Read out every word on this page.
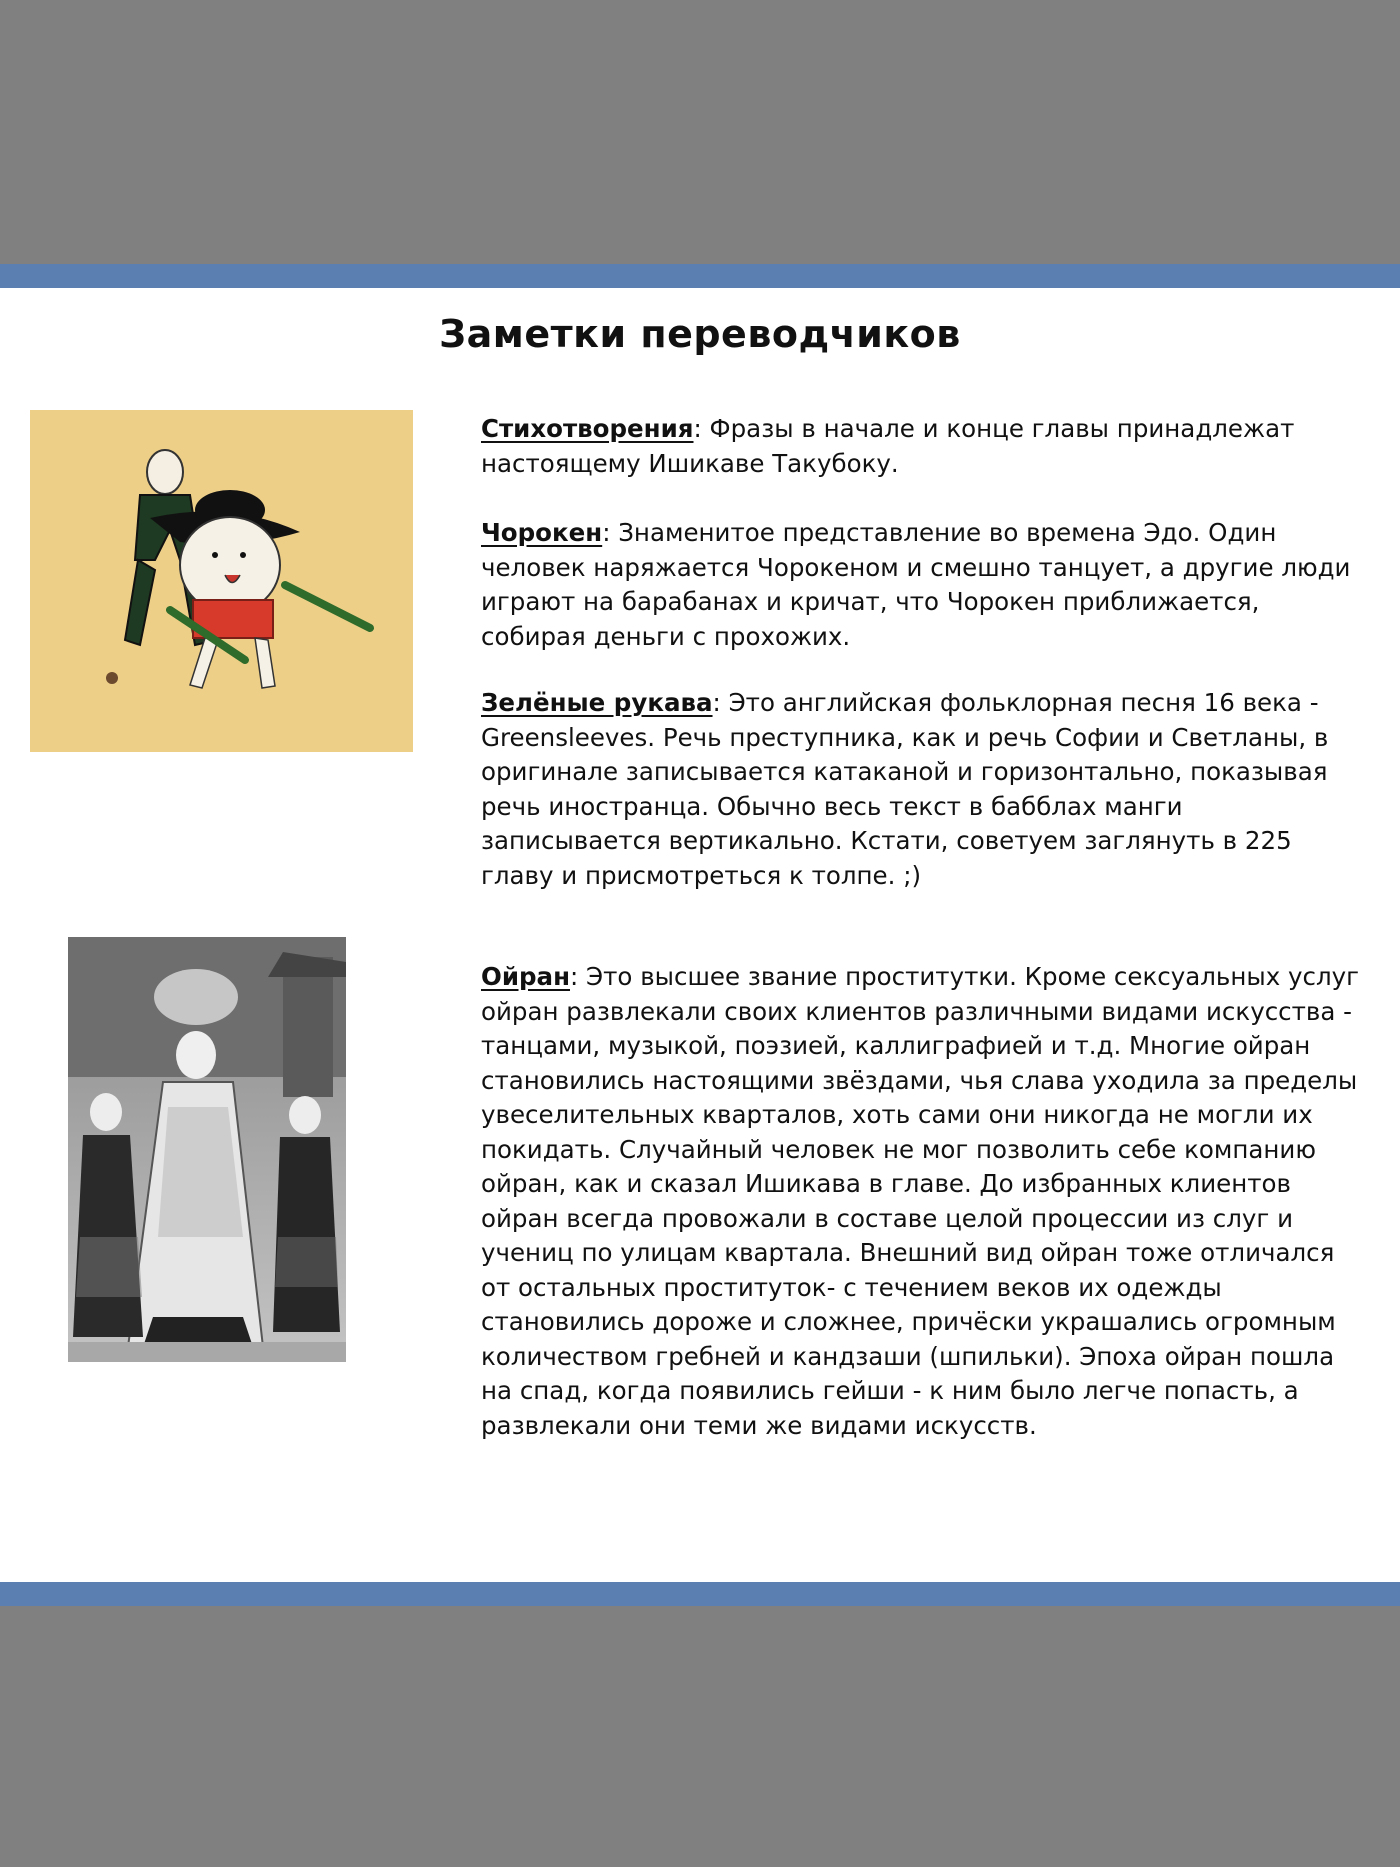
Заметки переводчиков
Стихотворения: Фразы в начале и конце главы принадлежат настоящему Ишикаве Такубоку.
Чорокен: Знаменитое представление во времена Эдо. Один человек наряжается Чорокеном и смешно танцует, а другие люди играют на барабанах и кричат, что Чорокен приближается, собирая деньги с прохожих.
Зелёные рукава: Это английская фольклорная песня 16 века - Greensleeves. Речь преступника, как и речь Софии и Светланы, в оригинале записывается катаканой и горизонтально, показывая речь иностранца. Обычно весь текст в бабблах манги записывается вертикально. Кстати, советуем заглянуть в 225 главу и присмотреться к толпе. ;)
Ойран: Это высшее звание проститутки. Кроме сексуальных услуг ойран развлекали своих клиентов различными видами искусства - танцами, музыкой, поэзией, каллиграфией и т.д. Многие ойран становились настоящими звёздами, чья слава уходила за пределы увеселительных кварталов, хоть сами они никогда не могли их покидать. Случайный человек не мог позволить себе компанию ойран, как и сказал Ишикава в главе. До избранных клиентов ойран всегда провожали в составе целой процессии из слуг и учениц по улицам квартала. Внешний вид ойран тоже отличался от остальных проституток- с течением веков их одежды становились дороже и сложнее, причёски украшались огромным количеством гребней и кандзаши (шпильки). Эпоха ойран пошла на спад, когда появились гейши - к ним было легче попасть, а развлекали они теми же видами искусств.
